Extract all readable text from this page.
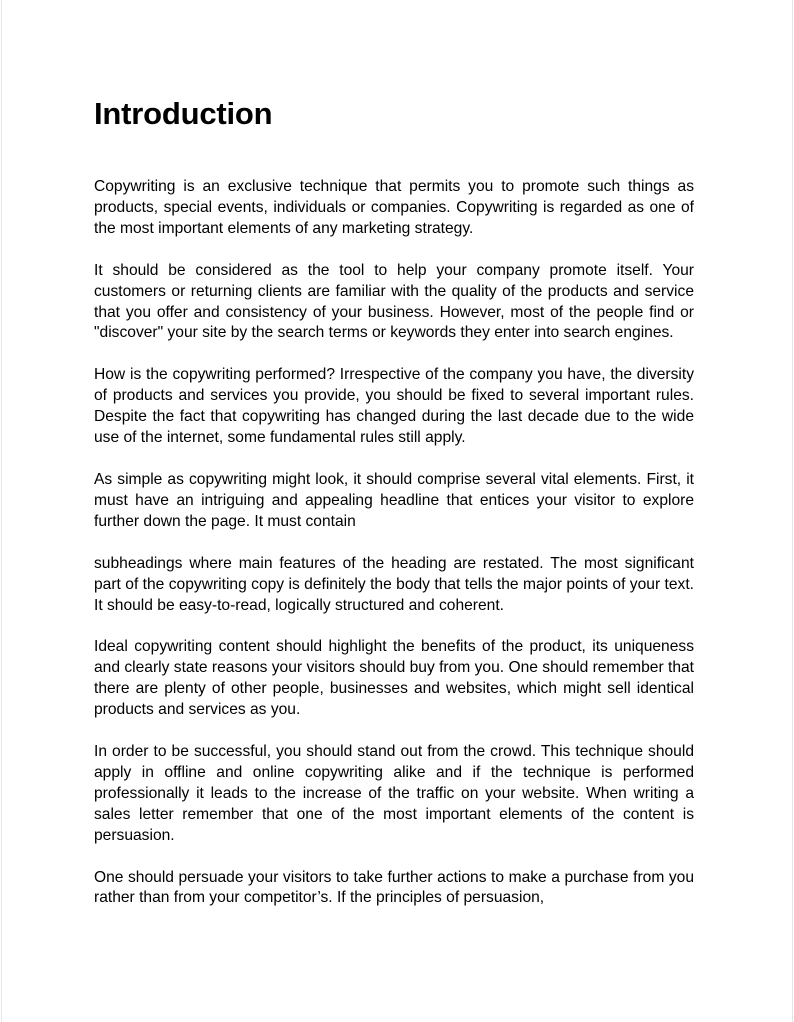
Introduction

Copywriting is an exclusive technique that permits you to promote such things as products, special events, individuals or companies. Copywriting is regarded as one of the most important elements of any marketing strategy.

It should be considered as the tool to help your company promote itself. Your customers or returning clients are familiar with the quality of the products and service that you offer and consistency of your business. However, most of the people find or "discover" your site by the search terms or keywords they enter into search engines.

How is the copywriting performed? Irrespective of the company you have, the diversity of products and services you provide, you should be fixed to several important rules. Despite the fact that copywriting has changed during the last decade due to the wide use of the internet, some fundamental rules still apply.

As simple as copywriting might look, it should comprise several vital elements. First, it must have an intriguing and appealing headline that entices your visitor to explore further down the page. It must contain

subheadings where main features of the heading are restated. The most significant part of the copywriting copy is definitely the body that tells the major points of your text. It should be easy-to-read, logically structured and coherent.

Ideal copywriting content should highlight the benefits of the product, its uniqueness and clearly state reasons your visitors should buy from you. One should remember that there are plenty of other people, businesses and websites, which might sell identical products and services as you.

In order to be successful, you should stand out from the crowd. This technique should apply in offline and online copywriting alike and if the technique is performed professionally it leads to the increase of the traffic on your website. When writing a sales letter remember that one of the most important elements of the content is persuasion.

One should persuade your visitors to take further actions to make a purchase from you rather than from your competitor’s. If the principles of persuasion,
